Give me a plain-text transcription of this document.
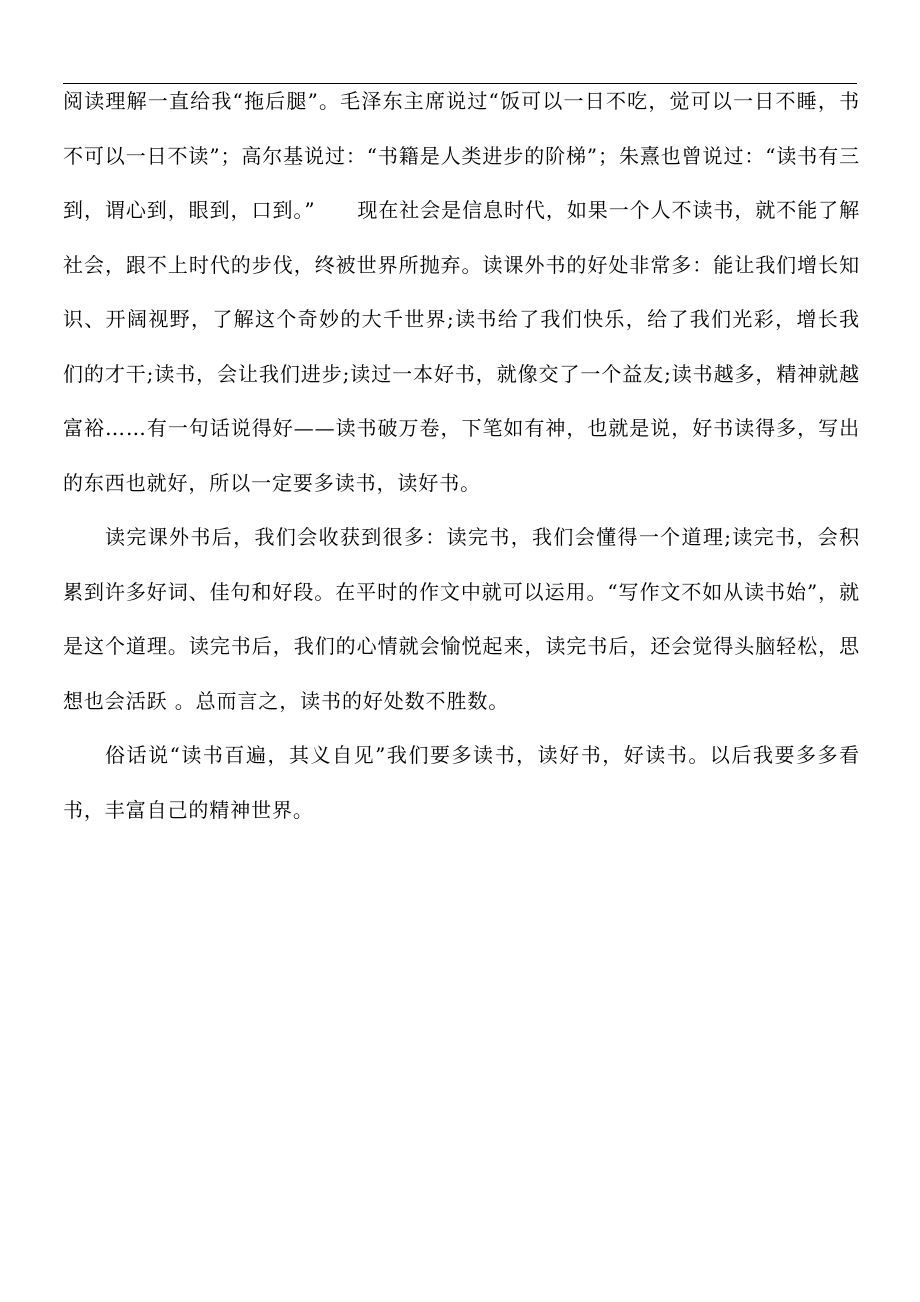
阅读理解一直给我“拖后腿”。毛泽东主席说过“饭可以一日不吃，觉可以一日不睡，书不可以一日不读”；高尔基说过：“书籍是人类进步的阶梯”；朱熹也曾说过：“读书有三到，谓心到，眼到，口到。”　　现在社会是信息时代，如果一个人不读书，就不能了解社会，跟不上时代的步伐，终被世界所抛弃。读课外书的好处非常多：能让我们增长知识、开阔视野，了解这个奇妙的大千世界;读书给了我们快乐，给了我们光彩，增长我们的才干;读书，会让我们进步;读过一本好书，就像交了一个益友;读书越多，精神就越富裕……有一句话说得好——读书破万卷，下笔如有神，也就是说，好书读得多，写出的东西也就好，所以一定要多读书，读好书。

读完课外书后，我们会收获到很多：读完书，我们会懂得一个道理;读完书，会积累到许多好词、佳句和好段。在平时的作文中就可以运用。“写作文不如从读书始”，就是这个道理。读完书后，我们的心情就会愉悦起来，读完书后，还会觉得头脑轻松，思想也会活跃 。总而言之，读书的好处数不胜数。

俗话说“读书百遍，其义自见”我们要多读书，读好书，好读书。以后我要多多看书，丰富自己的精神世界。
